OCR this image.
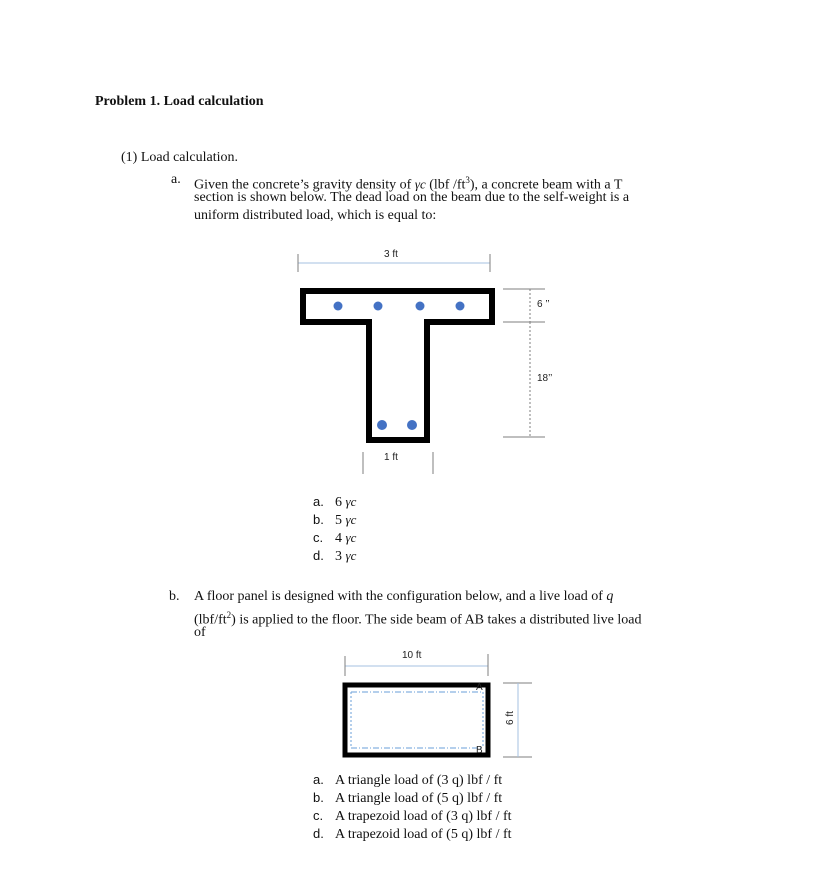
Problem 1. Load calculation
(1) Load calculation.
a. Given the concrete’s gravity density of γc (lbf $/ft^3$), a concrete beam with a T
section is shown below. The dead load on the beam due to the self-weight is a
uniform distributed load, which is equal to:
3 ft
6 ’’
18’’
1 ft
a. 6 γc
b. 5 γc
c. 4 γc
d. 3 γc
b. A floor panel is designed with the configuration below, and a live load of q
$(lbf/ft^2)$ is applied to the floor. The side beam of AB takes a distributed live load
of
10 ft
6 ft
A
B
a. A triangle load of (3 q) lbf / ft
b. A triangle load of (5 q) lbf / ft
c. A trapezoid load of (3 q) lbf / ft
d. A trapezoid load of (5 q) lbf / ft
